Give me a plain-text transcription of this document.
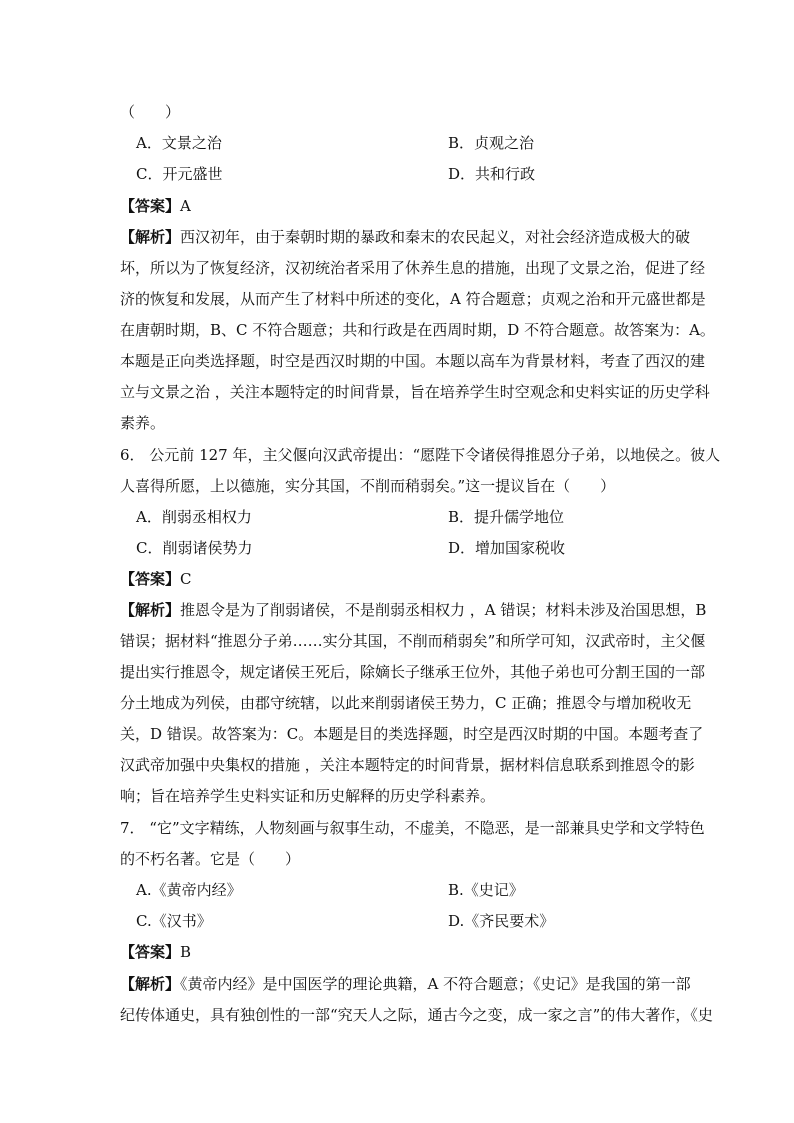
（　　）
A．文景之治	B．贞观之治
C．开元盛世	D．共和行政
【答案】A
【解析】西汉初年，由于秦朝时期的暴政和秦末的农民起义，对社会经济造成极大的破
坏，所以为了恢复经济，汉初统治者采用了休养生息的措施，出现了文景之治，促进了经
济的恢复和发展，从而产生了材料中所述的变化，A 符合题意；贞观之治和开元盛世都是
在唐朝时期，B、C 不符合题意；共和行政是在西周时期，D 不符合题意。故答案为：A。
本题是正向类选择题，时空是西汉时期的中国。本题以高车为背景材料，考查了西汉的建
立与文景之治 ，关注本题特定的时间背景，旨在培养学生时空观念和史料实证的历史学科
素养。
6． 公元前 127 年，主父偃向汉武帝提出：“愿陛下令诸侯得推恩分子弟，以地侯之。彼人
人喜得所愿，上以德施，实分其国，不削而稍弱矣。”这一提议旨在（　　）
A．削弱丞相权力	B．提升儒学地位
C．削弱诸侯势力	D．增加国家税收
【答案】C
【解析】推恩令是为了削弱诸侯，不是削弱丞相权力 ，A 错误；材料未涉及治国思想，B
错误；据材料“推恩分子弟……实分其国，不削而稍弱矣”和所学可知，汉武帝时，主父偃
提出实行推恩令，规定诸侯王死后，除嫡长子继承王位外，其他子弟也可分割王国的一部
分土地成为列侯，由郡守统辖，以此来削弱诸侯王势力，C 正确；推恩令与增加税收无
关，D 错误。故答案为：C。本题是目的类选择题，时空是西汉时期的中国。本题考查了
汉武帝加强中央集权的措施 ，关注本题特定的时间背景，据材料信息联系到推恩令的影
响；旨在培养学生史料实证和历史解释的历史学科素养。
7． “它”文字精练，人物刻画与叙事生动，不虚美，不隐恶，是一部兼具史学和文学特色
的不朽名著。它是（　　）
A.《黄帝内经》	B.《史记》
C.《汉书》	D.《齐民要术》
【答案】B
【解析】《黄帝内经》是中国医学的理论典籍，A 不符合题意；《史记》是我国的第一部
纪传体通史，具有独创性的一部“究天人之际，通古今之变，成一家之言”的伟大著作，《史
